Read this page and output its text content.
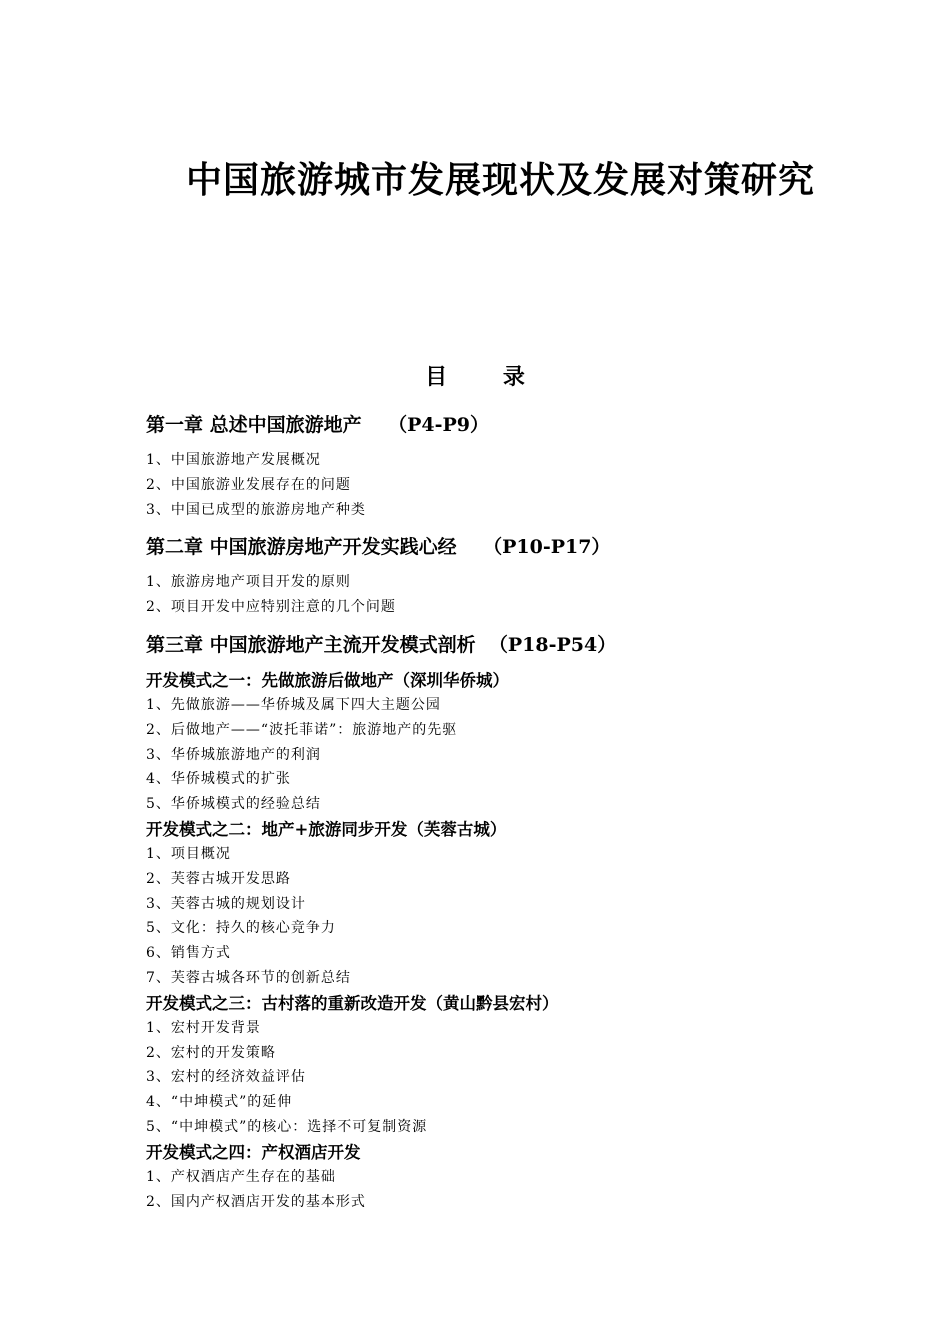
中国旅游城市发展现状及发展对策研究
目 录
第一章 总述中国旅游地产 （P4-P9）
1、中国旅游地产发展概况
2、中国旅游业发展存在的问题
3、中国已成型的旅游房地产种类
第二章 中国旅游房地产开发实践心经 （P10-P17）
1、旅游房地产项目开发的原则
2、项目开发中应特别注意的几个问题
第三章 中国旅游地产主流开发模式剖析 （P18-P54）
开发模式之一：先做旅游后做地产（深圳华侨城）
1、先做旅游——华侨城及属下四大主题公园
2、后做地产——“波托菲诺”：旅游地产的先驱
3、华侨城旅游地产的利润
4、华侨城模式的扩张
5、华侨城模式的经验总结
开发模式之二：地产+旅游同步开发（芙蓉古城）
1、项目概况
2、芙蓉古城开发思路
3、芙蓉古城的规划设计
5、文化：持久的核心竞争力
6、销售方式
7、芙蓉古城各环节的创新总结
开发模式之三：古村落的重新改造开发（黄山黔县宏村）
1、宏村开发背景
2、宏村的开发策略
3、宏村的经济效益评估
4、“中坤模式”的延伸
5、“中坤模式”的核心：选择不可复制资源
开发模式之四：产权酒店开发
1、产权酒店产生存在的基础
2、国内产权酒店开发的基本形式
